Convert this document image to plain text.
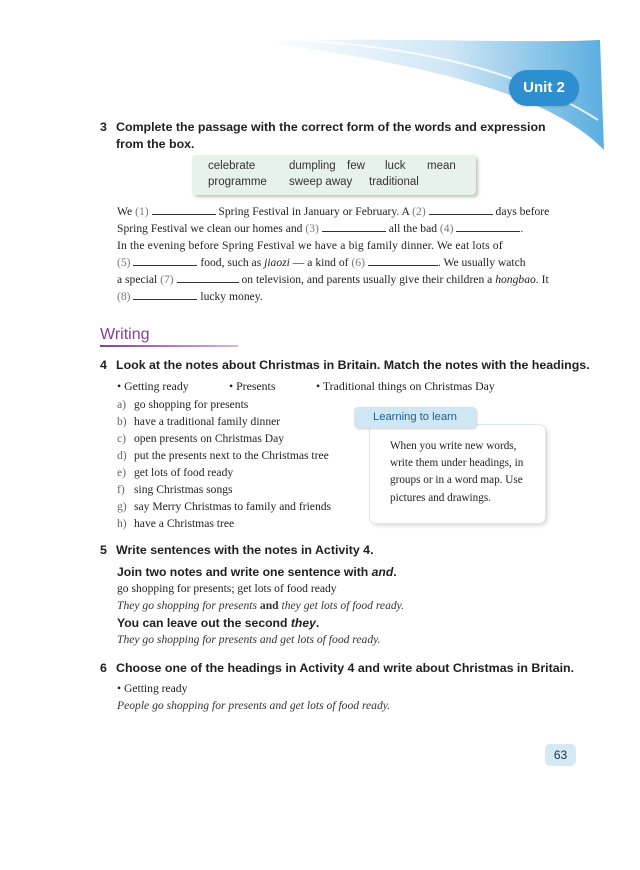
Unit 2
3 Complete the passage with the correct form of the words and expression
from the box.
celebrate	dumpling few luck mean
programme sweep away traditional
We (1)	Spring Festival in January or February. A (2)	days before
Spring Festival we clean our homes and (3)	all the bad (4)	.
In the evening before Spring Festival we have a big family dinner. We eat lots of
(5)	food, such as jiaozi — a kind of (6)	. We usually watch
a special (7)	on television, and parents usually give their children a hongbao. It
(8)	lucky money.
Writing
4 Look at the notes about Christmas in Britain. Match the notes with the headings.
• Getting ready	• Presents	• Traditional things on Christmas Day
a) go shopping for presents
b) have a traditional family dinner
c) open presents on Christmas Day
d) put the presents next to the Christmas tree
e) get lots of food ready
f) sing Christmas songs
g) say Merry Christmas to family and friends
h) have a Christmas tree
Learning to learn
When you write new words,
write them under headings, in
groups or in a word map. Use
pictures and drawings.
5 Write sentences with the notes in Activity 4.
Join two notes and write one sentence with and.
go shopping for presents; get lots of food ready
They go shopping for presents and they get lots of food ready.
You can leave out the second they.
They go shopping for presents and get lots of food ready.
6 Choose one of the headings in Activity 4 and write about Christmas in Britain.
• Getting ready
People go shopping for presents and get lots of food ready.
63
